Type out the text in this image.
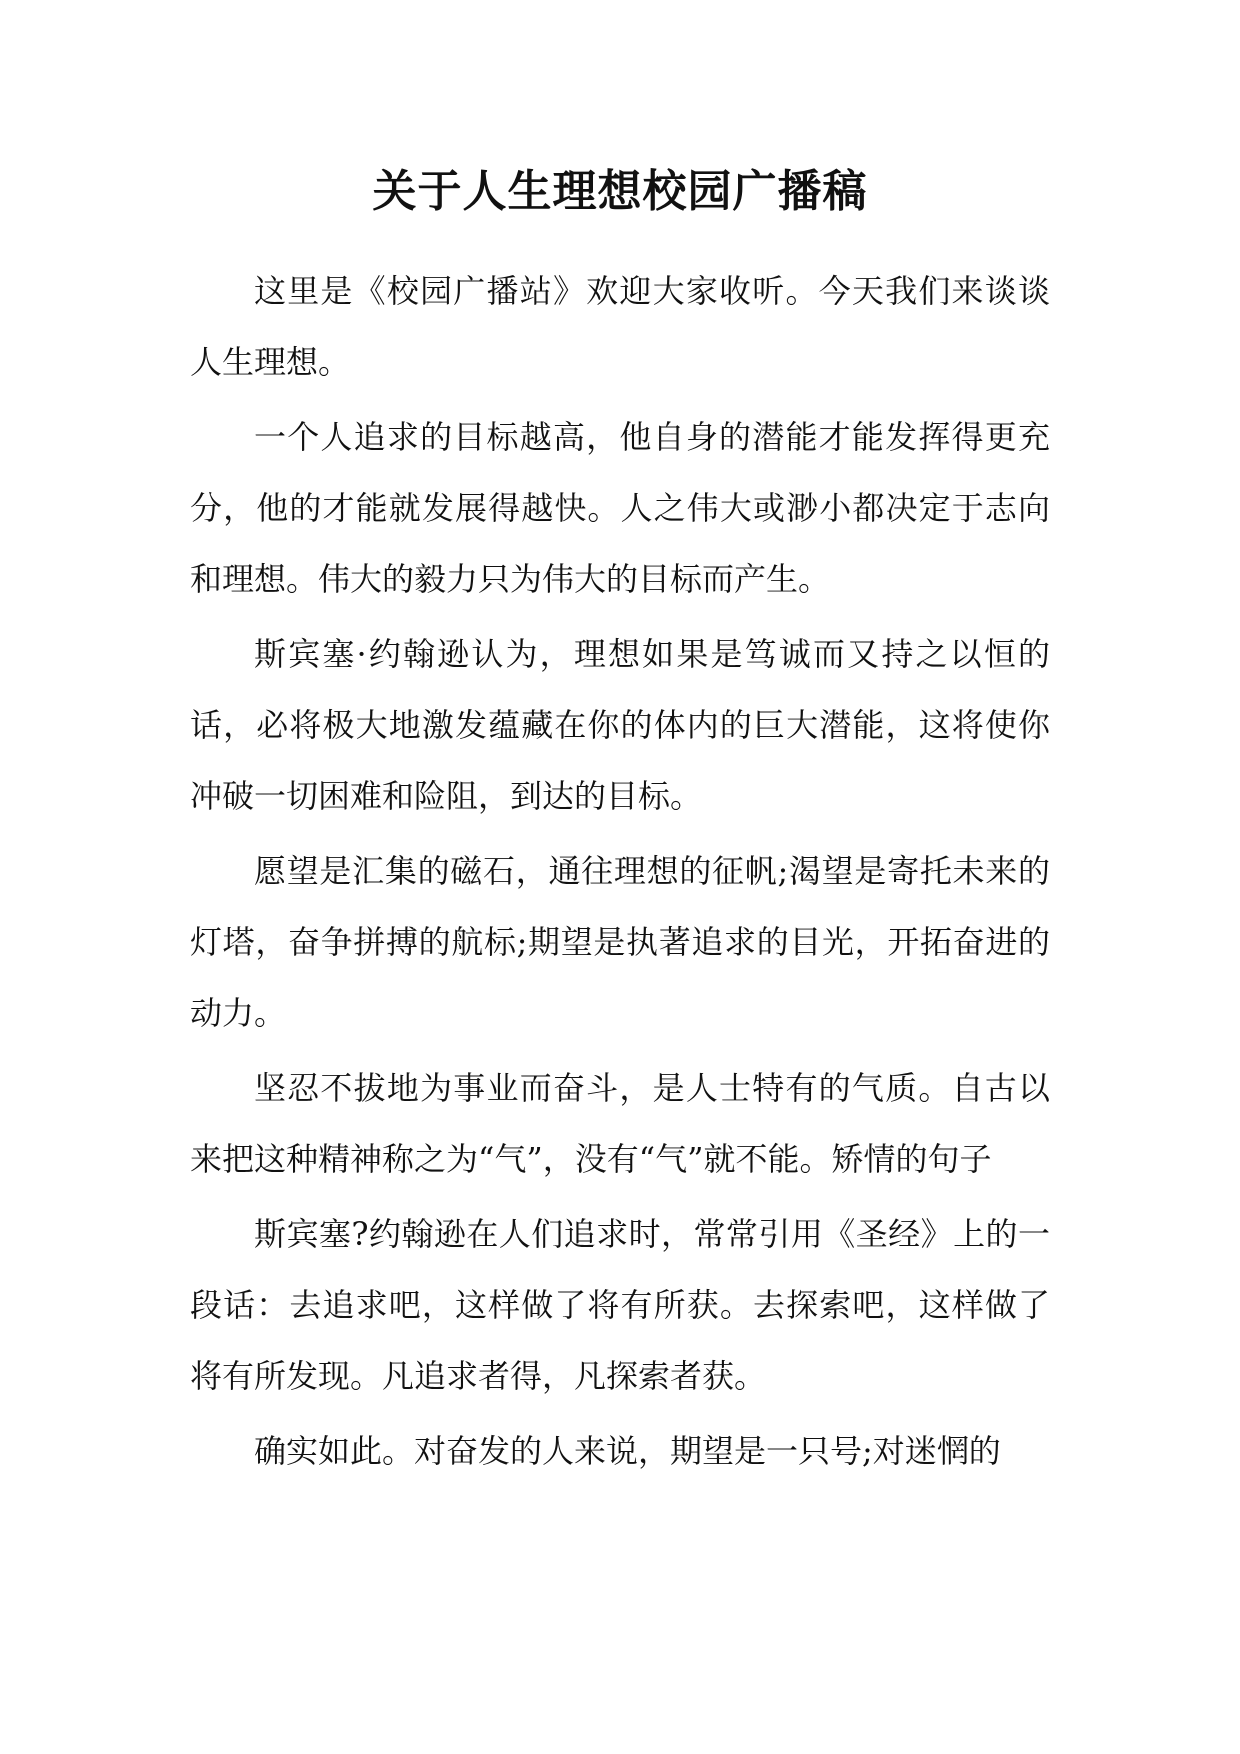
关于人生理想校园广播稿

这里是《校园广播站》欢迎大家收听。今天我们来谈谈人生理想。

一个人追求的目标越高，他自身的潜能才能发挥得更充分，他的才能就发展得越快。人之伟大或渺小都决定于志向和理想。伟大的毅力只为伟大的目标而产生。

斯宾塞·约翰逊认为，理想如果是笃诚而又持之以恒的话，必将极大地激发蕴藏在你的体内的巨大潜能，这将使你冲破一切困难和险阻，到达的目标。

愿望是汇集的磁石，通往理想的征帆;渴望是寄托未来的灯塔，奋争拼搏的航标;期望是执著追求的目光，开拓奋进的动力。

坚忍不拔地为事业而奋斗，是人士特有的气质。自古以来把这种精神称之为“气”，没有“气”就不能。矫情的句子

斯宾塞?约翰逊在人们追求时，常常引用《圣经》上的一段话：去追求吧，这样做了将有所获。去探索吧，这样做了将有所发现。凡追求者得，凡探索者获。

确实如此。对奋发的人来说，期望是一只号;对迷惘的
